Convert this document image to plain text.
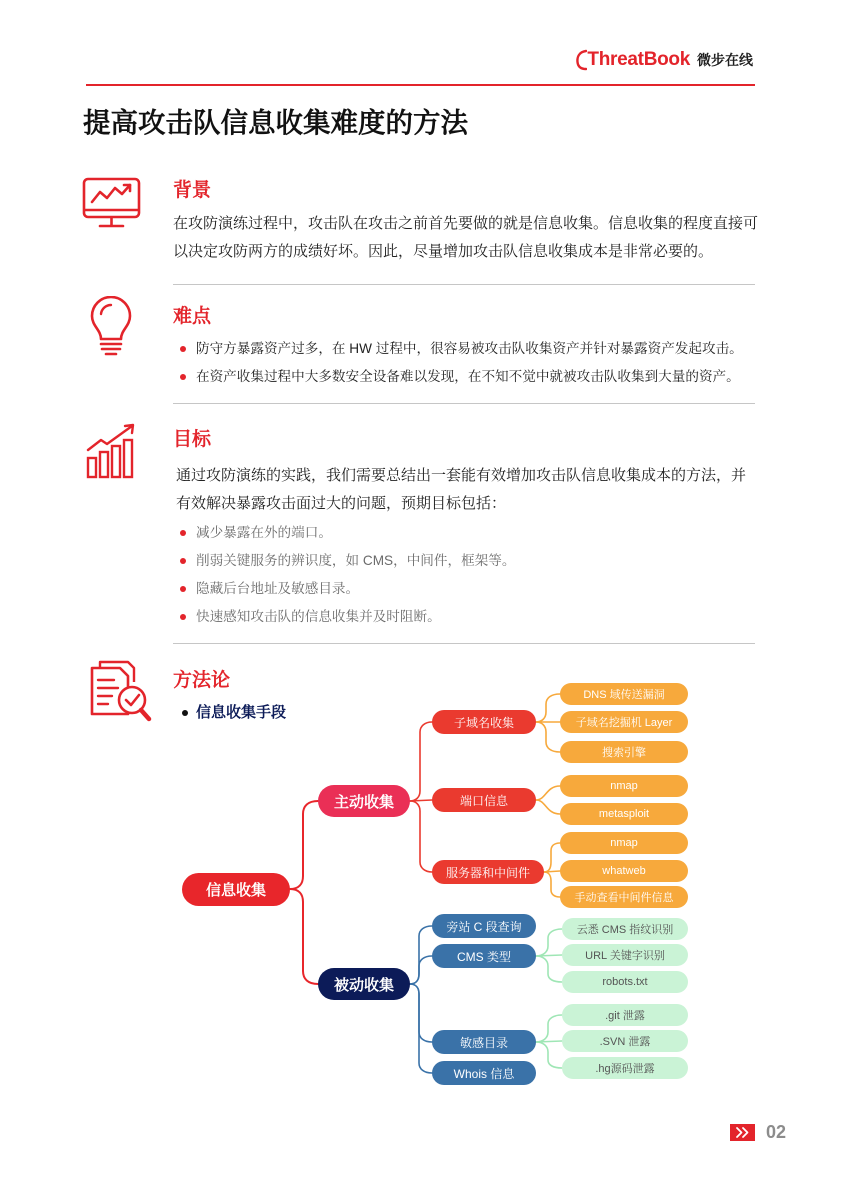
ThreatBook 微步在线
提高攻击队信息收集难度的方法
背景
在攻防演练过程中，攻击队在攻击之前首先要做的就是信息收集。信息收集的程度直接可以决定攻防两方的成绩好坏。因此，尽量增加攻击队信息收集成本是非常必要的。
难点
防守方暴露资产过多，在 HW 过程中，很容易被攻击队收集资产并针对暴露资产发起攻击。
在资产收集过程中大多数安全设备难以发现，在不知不觉中就被攻击队收集到大量的资产。
目标
通过攻防演练的实践，我们需要总结出一套能有效增加攻击队信息收集成本的方法，并有效解决暴露攻击面过大的问题，预期目标包括：
减少暴露在外的端口。
削弱关键服务的辨识度，如 CMS，中间件，框架等。
隐藏后台地址及敏感目录。
快速感知攻击队的信息收集并及时阻断。
方法论
信息收集手段
信息收集
主动收集
被动收集
子域名收集
端口信息
服务器和中间件
旁站 C 段查询
CMS 类型
敏感目录
Whois 信息
DNS 域传送漏洞
子域名挖掘机 Layer
搜索引擎
nmap
metasploit
nmap
whatweb
手动查看中间件信息
云悉 CMS 指纹识别
URL 关键字识别
robots.txt
.git 泄露
.SVN 泄露
.hg源码泄露
02
